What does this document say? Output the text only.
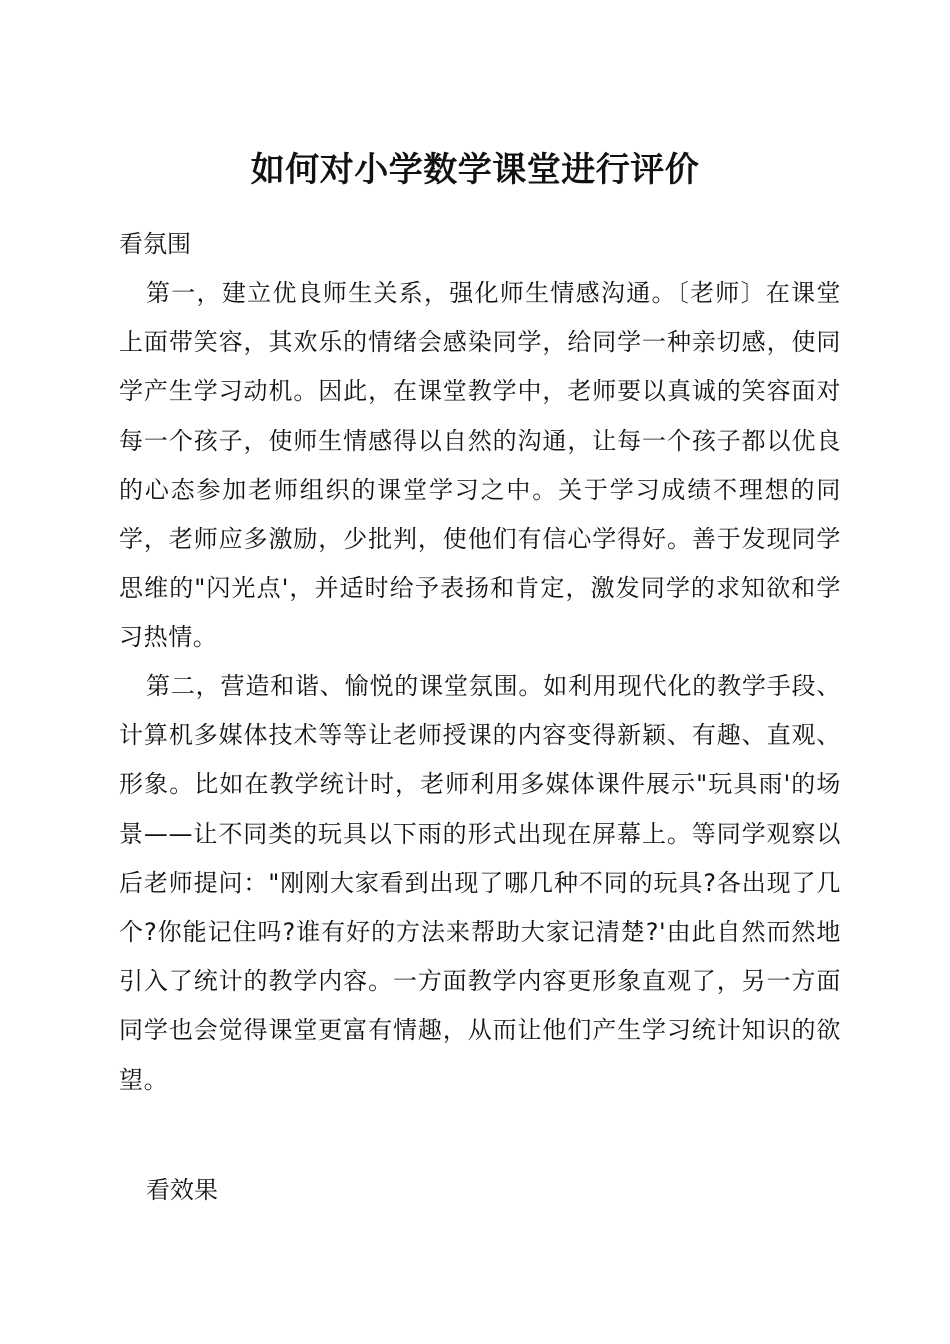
如何对小学数学课堂进行评价
看氛围
第一，建立优良师生关系，强化师生情感沟通。〔老师〕在课堂上面带笑容，其欢乐的情绪会感染同学，给同学一种亲切感，使同学产生学习动机。因此，在课堂教学中，老师要以真诚的笑容面对每一个孩子，使师生情感得以自然的沟通，让每一个孩子都以优良的心态参加老师组织的课堂学习之中。关于学习成绩不理想的同学，老师应多激励，少批判，使他们有信心学得好。善于发现同学思维的"闪光点'，并适时给予表扬和肯定，激发同学的求知欲和学习热情。
第二，营造和谐、愉悦的课堂氛围。如利用现代化的教学手段、计算机多媒体技术等等让老师授课的内容变得新颖、有趣、直观、形象。比如在教学统计时，老师利用多媒体课件展示"玩具雨'的场景——让不同类的玩具以下雨的形式出现在屏幕上。等同学观察以后老师提问："刚刚大家看到出现了哪几种不同的玩具?各出现了几个?你能记住吗?谁有好的方法来帮助大家记清楚?'由此自然而然地引入了统计的教学内容。一方面教学内容更形象直观了，另一方面同学也会觉得课堂更富有情趣，从而让他们产生学习统计知识的欲望。
看效果
